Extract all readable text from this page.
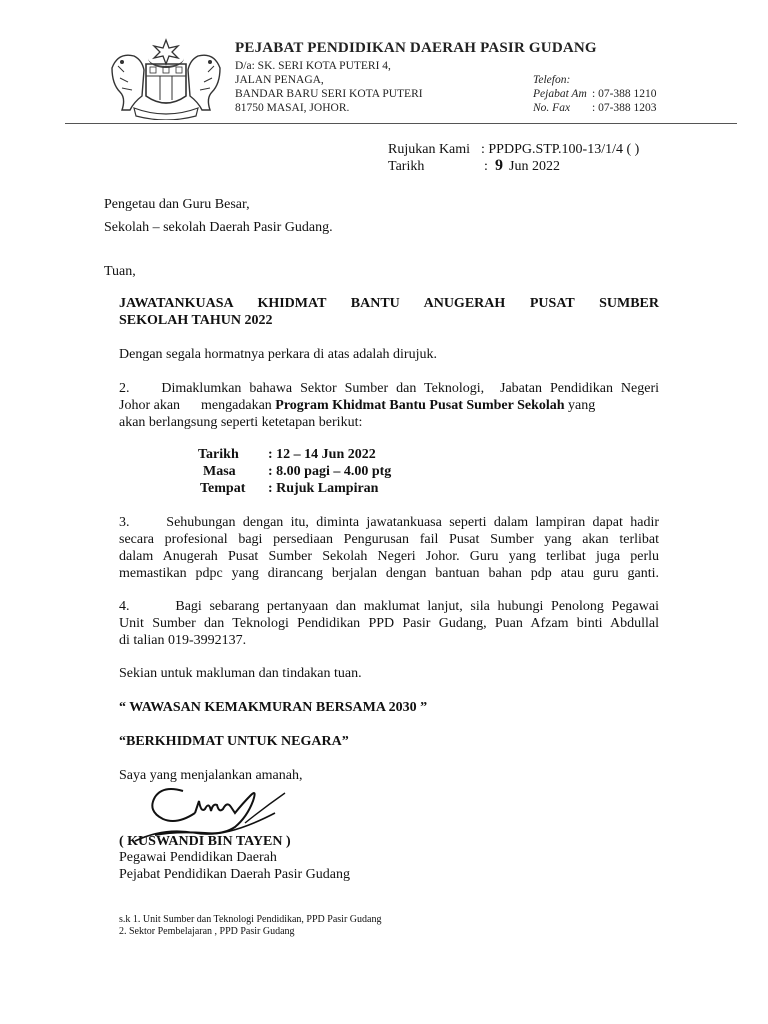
PEJABAT PENDIDIKAN DAERAH PASIR GUDANG
D/a: SK. SERI KOTA PUTERI 4,
JALAN PENAGA,
BANDAR BARU SERI KOTA PUTERI
81750 MASAI, JOHOR.
Telefon:
Pejabat Am : 07-388 1210
No. Fax : 07-388 1203
Rujukan Kami : PPDPG.STP.100-13/1/4 ( )
Tarikh	: 9 Jun 2022
Pengetau dan Guru Besar,
Sekolah – sekolah Daerah Pasir Gudang.
Tuan,
JAWATANKUASA KHIDMAT BANTU ANUGERAH PUSAT SUMBER
SEKOLAH TAHUN 2022
Dengan segala hormatnya perkara di atas adalah dirujuk.
2.    Dimaklumkan bahawa Sektor Sumber dan Teknologi,  Jabatan Pendidikan Negeri
Johor akan      mengadakan Program Khidmat Bantu Pusat Sumber Sekolah yang
akan berlangsung seperti ketetapan berikut:
Tarikh : 12 – 14 Jun 2022
Masa : 8.00 pagi – 4.00 ptg
Tempat : Rujuk Lampiran
3.     Sehubungan dengan itu, diminta jawatankuasa seperti dalam lampiran dapat hadir
secara profesional bagi persediaan Pengurusan fail Pusat Sumber yang akan terlibat
dalam Anugerah Pusat Sumber Sekolah Negeri Johor. Guru yang terlibat juga perlu
memastikan pdpc yang dirancang berjalan dengan bantuan bahan pdp atau guru ganti.
4.      Bagi sebarang pertanyaan dan maklumat lanjut, sila hubungi Penolong Pegawai
Unit Sumber dan Teknologi Pendidikan PPD Pasir Gudang, Puan Afzam binti Abdullal
di talian 019-3992137.
Sekian untuk makluman dan tindakan tuan.
“ WAWASAN KEMAKMURAN BERSAMA 2030 ”
“BERKHIDMAT UNTUK NEGARA”
Saya yang menjalankan amanah,
( KUSWANDI BIN TAYEN )
Pegawai Pendidikan Daerah
Pejabat Pendidikan Daerah Pasir Gudang
s.k 1. Unit Sumber dan Teknologi Pendidikan, PPD Pasir Gudang
2. Sektor Pembelajaran , PPD Pasir Gudang
